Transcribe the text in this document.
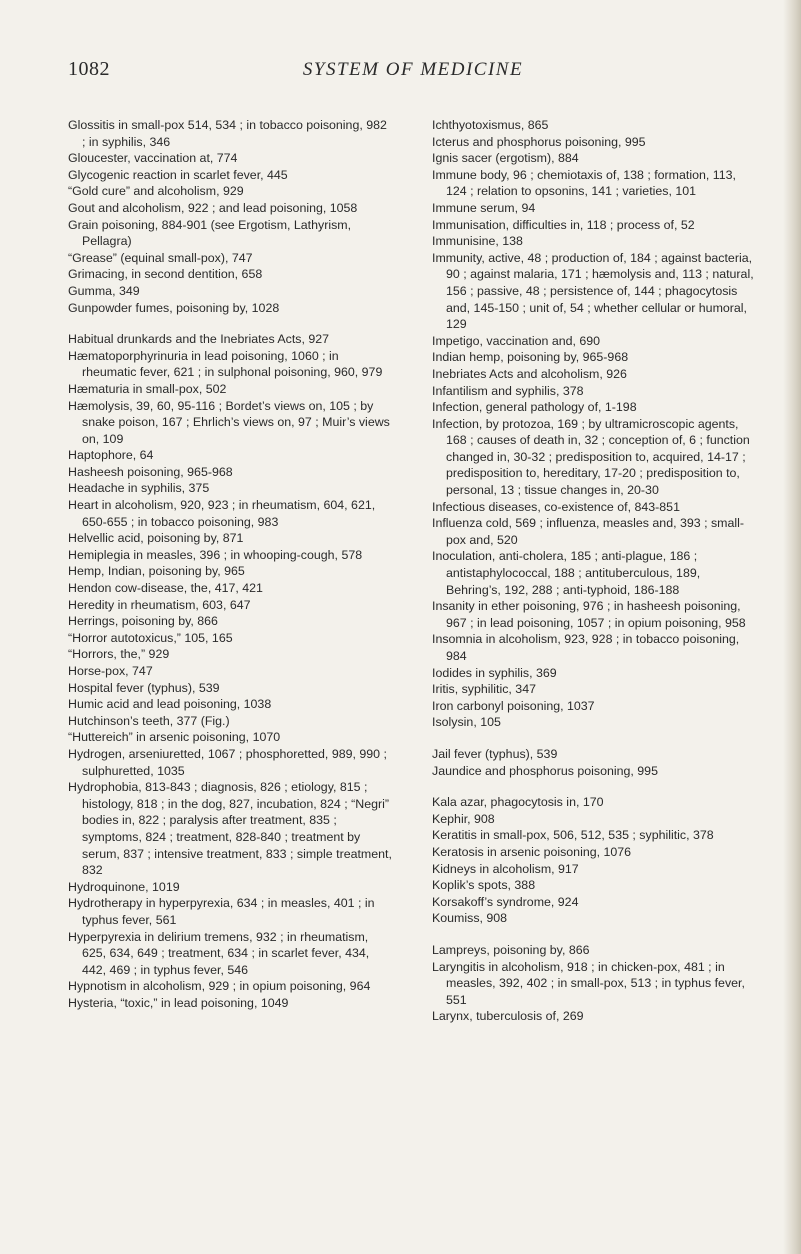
1082	SYSTEM OF MEDICINE
Glossitis in small-pox 514, 534 ; in tobacco poisoning, 982 ; in syphilis, 346
Gloucester, vaccination at, 774
Glycogenic reaction in scarlet fever, 445
“Gold cure” and alcoholism, 929
Gout and alcoholism, 922 ; and lead poisoning, 1058
Grain poisoning, 884-901 (see Ergotism, Lathyrism, Pellagra)
“Grease” (equinal small-pox), 747
Grimacing, in second dentition, 658
Gumma, 349
Gunpowder fumes, poisoning by, 1028
Habitual drunkards and the Inebriates Acts, 927
Hæmatoporphyrinuria in lead poisoning, 1060 ; in rheumatic fever, 621 ; in sulphonal poisoning, 960, 979
Hæmaturia in small-pox, 502
Hæmolysis, 39, 60, 95-116 ; Bordet’s views on, 105 ; by snake poison, 167 ; Ehrlich’s views on, 97 ; Muir’s views on, 109
Haptophore, 64
Hasheesh poisoning, 965-968
Headache in syphilis, 375
Heart in alcoholism, 920, 923 ; in rheumatism, 604, 621, 650-655 ; in tobacco poisoning, 983
Helvellic acid, poisoning by, 871
Hemiplegia in measles, 396 ; in whooping-cough, 578
Hemp, Indian, poisoning by, 965
Hendon cow-disease, the, 417, 421
Heredity in rheumatism, 603, 647
Herrings, poisoning by, 866
“Horror autotoxicus,” 105, 165
“Horrors, the,” 929
Horse-pox, 747
Hospital fever (typhus), 539
Humic acid and lead poisoning, 1038
Hutchinson’s teeth, 377 (Fig.)
“Huttereich” in arsenic poisoning, 1070
Hydrogen, arseniuretted, 1067 ; phosphoretted, 989, 990 ; sulphuretted, 1035
Hydrophobia, 813-843 ; diagnosis, 826 ; etiology, 815 ; histology, 818 ; in the dog, 827, incubation, 824 ; “Negri” bodies in, 822 ; paralysis after treatment, 835 ; symptoms, 824 ; treatment, 828-840 ; treatment by serum, 837 ; intensive treatment, 833 ; simple treatment, 832
Hydroquinone, 1019
Hydrotherapy in hyperpyrexia, 634 ; in measles, 401 ; in typhus fever, 561
Hyperpyrexia in delirium tremens, 932 ; in rheumatism, 625, 634, 649 ; treatment, 634 ; in scarlet fever, 434, 442, 469 ; in typhus fever, 546
Hypnotism in alcoholism, 929 ; in opium poisoning, 964
Hysteria, “toxic,” in lead poisoning, 1049
Ichthyotoxismus, 865
Icterus and phosphorus poisoning, 995
Ignis sacer (ergotism), 884
Immune body, 96 ; chemiotaxis of, 138 ; formation, 113, 124 ; relation to opsonins, 141 ; varieties, 101
Immune serum, 94
Immunisation, difficulties in, 118 ; process of, 52
Immunisine, 138
Immunity, active, 48 ; production of, 184 ; against bacteria, 90 ; against malaria, 171 ; hæmolysis and, 113 ; natural, 156 ; passive, 48 ; persistence of, 144 ; phagocytosis and, 145-150 ; unit of, 54 ; whether cellular or humoral, 129
Impetigo, vaccination and, 690
Indian hemp, poisoning by, 965-968
Inebriates Acts and alcoholism, 926
Infantilism and syphilis, 378
Infection, general pathology of, 1-198
Infection, by protozoa, 169 ; by ultramicroscopic agents, 168 ; causes of death in, 32 ; conception of, 6 ; function changed in, 30-32 ; predisposition to, acquired, 14-17 ; predisposition to, hereditary, 17-20 ; predisposition to, personal, 13 ; tissue changes in, 20-30
Infectious diseases, co-existence of, 843-851
Influenza cold, 569 ; influenza, measles and, 393 ; small-pox and, 520
Inoculation, anti-cholera, 185 ; anti-plague, 186 ; antistaphylococcal, 188 ; antituberculous, 189, Behring’s, 192, 288 ; anti-typhoid, 186-188
Insanity in ether poisoning, 976 ; in hasheesh poisoning, 967 ; in lead poisoning, 1057 ; in opium poisoning, 958
Insomnia in alcoholism, 923, 928 ; in tobacco poisoning, 984
Iodides in syphilis, 369
Iritis, syphilitic, 347
Iron carbonyl poisoning, 1037
Isolysin, 105
Jail fever (typhus), 539
Jaundice and phosphorus poisoning, 995
Kala azar, phagocytosis in, 170
Kephir, 908
Keratitis in small-pox, 506, 512, 535 ; syphilitic, 378
Keratosis in arsenic poisoning, 1076
Kidneys in alcoholism, 917
Koplik’s spots, 388
Korsakoff’s syndrome, 924
Koumiss, 908
Lampreys, poisoning by, 866
Laryngitis in alcoholism, 918 ; in chicken-pox, 481 ; in measles, 392, 402 ; in small-pox, 513 ; in typhus fever, 551
Larynx, tuberculosis of, 269
